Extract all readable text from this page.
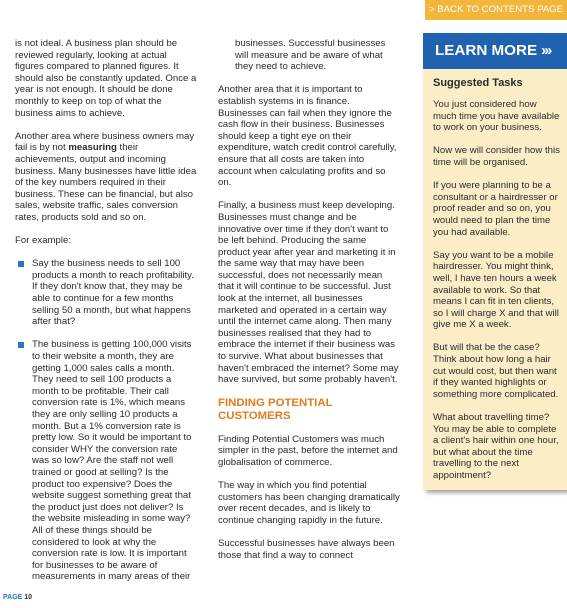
> BACK TO CONTENTS PAGE

is not ideal. A business plan should be reviewed regularly, looking at actual figures compared to planned figures. It should also be constantly updated. Once a year is not enough. It should be done monthly to keep on top of what the business aims to achieve.

Another area where business owners may fail is by not measuring their achievements, output and incoming business. Many businesses have little idea of the key numbers required in their business. These can be financial, but also sales, website traffic, sales conversion rates, products sold and so on.

For example:

Say the business needs to sell 100 products a month to reach profitability. If they don't know that, they may be able to continue for a few months selling 50 a month, but what happens after that?
The business is getting 100,000 visits to their website a month, they are getting 1,000 sales calls a month. They need to sell 100 products a month to be profitable. Their call conversion rate is 1%, which means they are only selling 10 products a month. But a 1% conversion rate is pretty low. So it would be important to consider WHY the conversion rate was so low? Are the staff not well trained or good at selling? Is the product too expensive? Does the website suggest something great that the product just does not deliver? Is the website misleading in some way? All of these things should be considered to look at why the conversion rate is low. It is important for businesses to be aware of measurements in many areas of their

businesses. Successful businesses will measure and be aware of what they need to achieve.

Another area that it is important to establish systems in is finance. Businesses can fail when they ignore the cash flow in their business. Businesses should keep a tight eye on their expenditure, watch credit control carefully, ensure that all costs are taken into account when calculating profits and so on.

Finally, a business must keep developing. Businesses must change and be innovative over time if they don't want to be left behind. Producing the same product year after year and marketing it in the same way that may have been successful, does not necessarily mean that it will continue to be successful. Just look at the internet, all businesses marketed and operated in a certain way until the internet came along. Then many businesses realised that they had to embrace the internet if their business was to survive. What about businesses that haven't embraced the internet? Some may have survived, but some probably haven't.

FINDING POTENTIAL CUSTOMERS

Finding Potential Customers was much simpler in the past, before the internet and globalisation of commerce.

The way in which you find potential customers has been changing dramatically over recent decades, and is likely to continue changing rapidly in the future.

Successful businesses have always been those that find a way to connect

LEARN MORE ›››
Suggested Tasks

You just considered how much time you have available to work on your business.

Now we will consider how this time will be organised.

If you were planning to be a consultant or a hairdresser or proof reader and so on, you would need to plan the time you had available.

Say you want to be a mobile hairdresser. You might think, well, I have ten hours a week available to work. So that means I can fit in ten clients, so I will charge X and that will give me X a week.

But will that be the case? Think about how long a hair cut would cost, but then want if they wanted highlights or something more complicated.

What about travelling time? You may be able to complete a client's hair within one hour, but what about the time travelling to the next appointment?

PAGE 10
